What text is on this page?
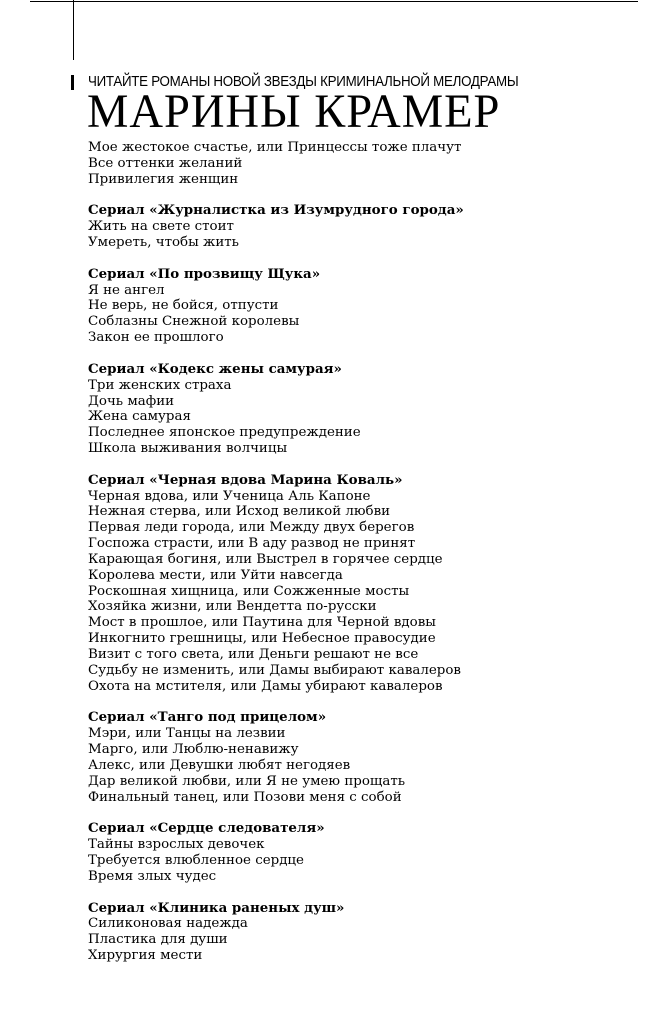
ЧИТАЙТЕ РОМАНЫ НОВОЙ ЗВЕЗДЫ КРИМИНАЛЬНОЙ МЕЛОДРАМЫ
МАРИНЫ КРАМЕР
Мое жестокое счастье, или Принцессы тоже плачут
Все оттенки желаний
Привилегия женщин
Сериал «Журналистка из Изумрудного города»
Жить на свете стоит
Умереть, чтобы жить
Сериал «По прозвищу Щука»
Я не ангел
Не верь, не бойся, отпусти
Соблазны Снежной королевы
Закон ее прошлого
Сериал «Кодекс жены самурая»
Три женских страха
Дочь мафии
Жена самурая
Последнее японское предупреждение
Школа выживания волчицы
Сериал «Черная вдова Марина Коваль»
Черная вдова, или Ученица Аль Капоне
Нежная стерва, или Исход великой любви
Первая леди города, или Между двух берегов
Госпожа страсти, или В аду развод не принят
Карающая богиня, или Выстрел в горячее сердце
Королева мести, или Уйти навсегда
Роскошная хищница, или Сожженные мосты
Хозяйка жизни, или Вендетта по-русски
Мост в прошлое, или Паутина для Черной вдовы
Инкогнито грешницы, или Небесное правосудие
Визит с того света, или Деньги решают не все
Судьбу не изменить, или Дамы выбирают кавалеров
Охота на мстителя, или Дамы убирают кавалеров
Сериал «Танго под прицелом»
Мэри, или Танцы на лезвии
Марго, или Люблю-ненавижу
Алекс, или Девушки любят негодяев
Дар великой любви, или Я не умею прощать
Финальный танец, или Позови меня с собой
Сериал «Сердце следователя»
Тайны взрослых девочек
Требуется влюбленное сердце
Время злых чудес
Сериал «Клиника раненых душ»
Силиконовая надежда
Пластика для души
Хирургия мести
